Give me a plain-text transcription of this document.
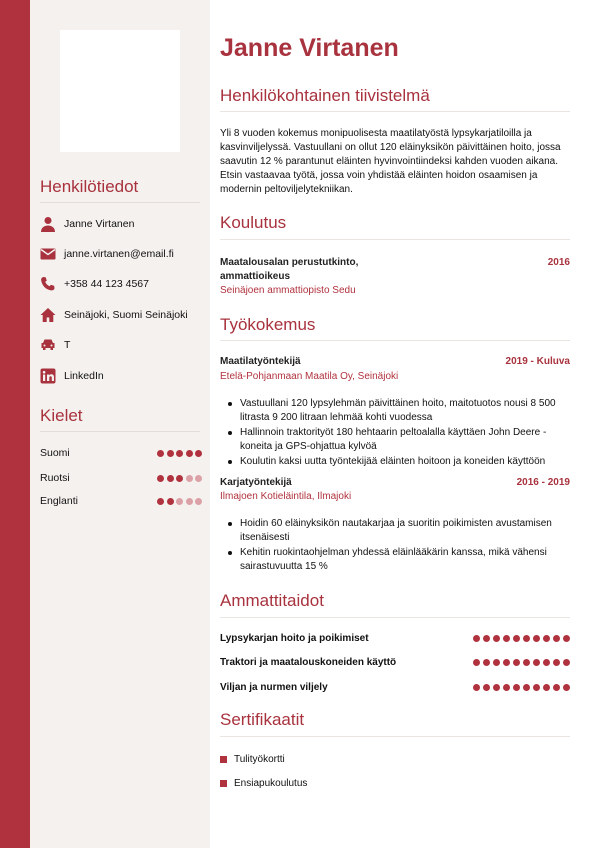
Henkilötiedot
Janne Virtanen
janne.virtanen@email.fi
+358 44 123 4567
Seinäjoki, Suomi Seinäjoki
T
LinkedIn
Kielet
Suomi
Ruotsi
Englanti
Janne Virtanen
Henkilökohtainen tiivistelmä
Yli 8 vuoden kokemus monipuolisesta maatilatyöstä lypsykarjatiloilla ja kasvinviljelyssä. Vastuullani on ollut 120 eläinyksikön päivittäinen hoito, jossa saavutin 12 % parantunut eläinten hyvinvointiindeksi kahden vuoden aikana. Etsin vastaavaa työtä, jossa voin yhdistää eläinten hoidon osaamisen ja modernin peltoviljelytekniikan.
Koulutus
Maatalousalan perustutkinto, ammattioikeus
2016
Seinäjoen ammattiopisto Sedu
Työkokemus
Maatilatyöntekijä	2019 - Kuluva
Etelä-Pohjanmaan Maatila Oy, Seinäjoki
Vastuullani 120 lypsylehmän päivittäinen hoito, maitotuotos nousi 8 500 litrasta 9 200 litraan lehmää kohti vuodessa
Hallinnoin traktorityöt 180 hehtaarin peltoalalla käyttäen John Deere -koneita ja GPS-ohjattua kylvöä
Koulutin kaksi uutta työntekijää eläinten hoitoon ja koneiden käyttöön
Karjatyöntekijä	2016 - 2019
Ilmajoen Kotieläintila, Ilmajoki
Hoidin 60 eläinyksikön nautakarjaa ja suoritin poikimisten avustamisen itsenäisesti
Kehitin ruokintaohjelman yhdessä eläinlääkärin kanssa, mikä vähensi sairastuvuutta 15 %
Ammattitaidot
Lypsykarjan hoito ja poikimiset
Traktori ja maatalouskoneiden käyttö
Viljan ja nurmen viljely
Sertifikaatit
Tulityökortti
Ensiapukoulutus
